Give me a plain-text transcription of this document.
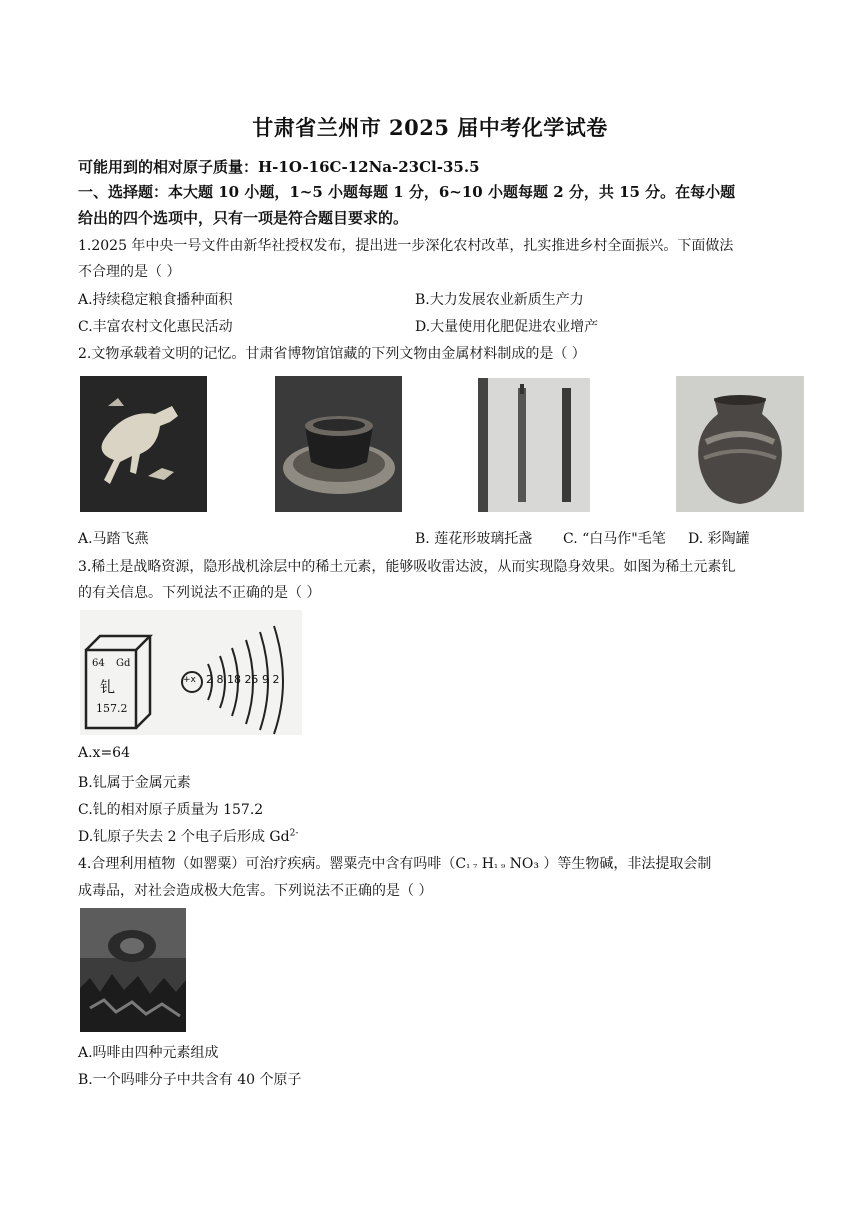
甘肃省兰州市 2025 届中考化学试卷
可能用到的相对原子质量：H-1O-16C-12Na-23Cl-35.5
一、选择题：本大题 10 小题，1~5 小题每题 1 分，6~10 小题每题 2 分，共 15 分。在每小题
给出的四个选项中，只有一项是符合题目要求的。
1.2025 年中央一号文件由新华社授权发布，提出进一步深化农村改革，扎实推进乡村全面振兴。下面做法
不合理的是（ ）
A.持续稳定粮食播种面积	B.大力发展农业新质生产力
C.丰富农村文化惠民活动	D.大量使用化肥促进农业增产
2.文物承载着文明的记忆。甘肃省博物馆馆藏的下列文物由金属材料制成的是（ ）
A.马踏飞燕	B. 莲花形玻璃托盏 C. “白马作"毛笔 D. 彩陶罐
3.稀土是战略资源，隐形战机涂层中的稀土元素，能够吸收雷达波，从而实现隐身效果。如图为稀土元素钆
的有关信息。下列说法不正确的是（ ）
64 Gd
钆
157.2
+x 2 8 18 25 9 2
A.x=64
B.钆属于金属元素
C.钆的相对原子质量为 157.2
D.钆原子失去 2 个电子后形成 $Gd^{2-}$
4.合理利用植物（如罂粟）可治疗疾病。罂粟壳中含有吗啡（C₁ ₇ H₁ ₉ NO₃ ）等生物碱，非法提取会制
成毒品，对社会造成极大危害。下列说法不正确的是（ ）
A.吗啡由四种元素组成
B.一个吗啡分子中共含有 40 个原子
